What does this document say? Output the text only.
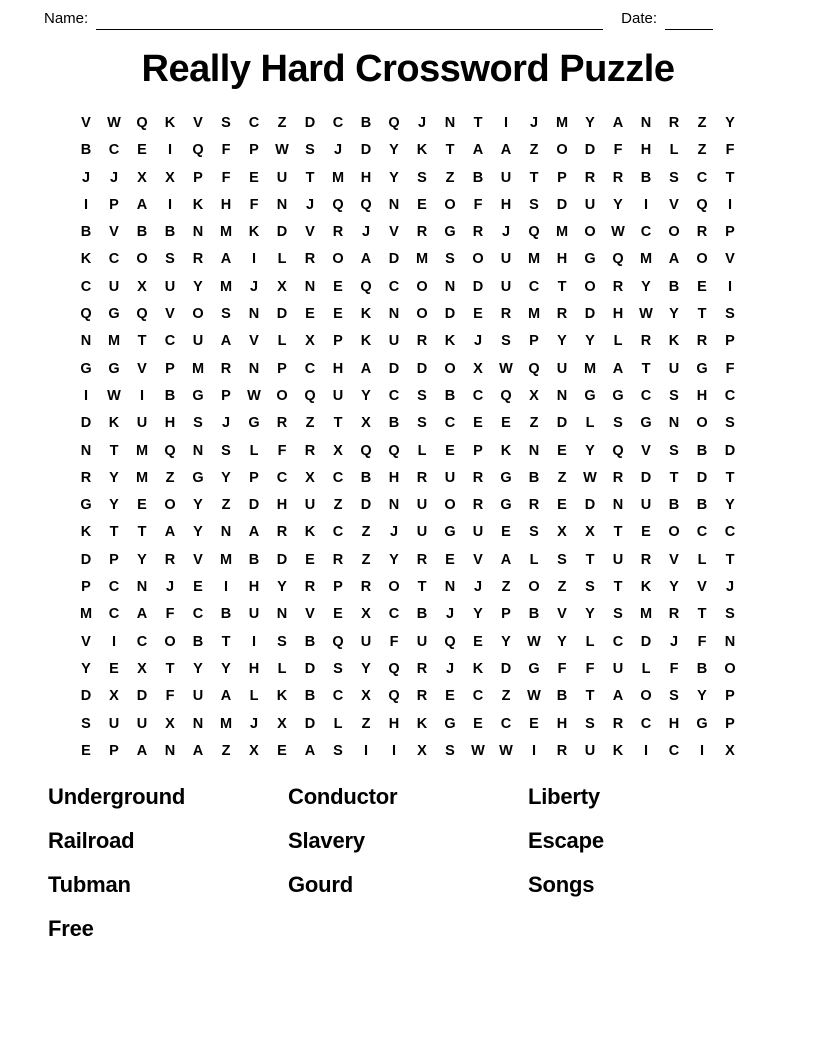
Name:	Date:
Really Hard Crossword Puzzle
V	W	Q	K	V	S	C	Z	D	C	B	Q	J	N	T	I	J	M	Y	A	N	R	Z	Y
B	C	E	I	Q	F	P	W	S	J	D	Y	K	T	A	A	Z	O	D	F	H	L	Z	F
J	J	X	X	P	F	E	U	T	M	H	Y	S	Z	B	U	T	P	R	R	B	S	C	T
I	P	A	I	K	H	F	N	J	Q	Q	N	E	O	F	H	S	D	U	Y	I	V	Q	I
B	V	B	B	N	M	K	D	V	R	J	V	R	G	R	J	Q	M	O	W	C	O	R	P
K	C	O	S	R	A	I	L	R	O	A	D	M	S	O	U	M	H	G	Q	M	A	O	V
C	U	X	U	Y	M	J	X	N	E	Q	C	O	N	D	U	C	T	O	R	Y	B	E	I
Q	G	Q	V	O	S	N	D	E	E	K	N	O	D	E	R	M	R	D	H	W	Y	T	S
N	M	T	C	U	A	V	L	X	P	K	U	R	K	J	S	P	Y	Y	L	R	K	R	P
G	G	V	P	M	R	N	P	C	H	A	D	D	O	X	W	Q	U	M	A	T	U	G	F
I	W	I	B	G	P	W	O	Q	U	Y	C	S	B	C	Q	X	N	G	G	C	S	H	C
D	K	U	H	S	J	G	R	Z	T	X	B	S	C	E	E	Z	D	L	S	G	N	O	S
N	T	M	Q	N	S	L	F	R	X	Q	Q	L	E	P	K	N	E	Y	Q	V	S	B	D
R	Y	M	Z	G	Y	P	C	X	C	B	H	R	U	R	G	B	Z	W	R	D	T	D	T
G	Y	E	O	Y	Z	D	H	U	Z	D	N	U	O	R	G	R	E	D	N	U	B	B	Y
K	T	T	A	Y	N	A	R	K	C	Z	J	U	G	U	E	S	X	X	T	E	O	C	C
D	P	Y	R	V	M	B	D	E	R	Z	Y	R	E	V	A	L	S	T	U	R	V	L	T
P	C	N	J	E	I	H	Y	R	P	R	O	T	N	J	Z	O	Z	S	T	K	Y	V	J
M	C	A	F	C	B	U	N	V	E	X	C	B	J	Y	P	B	V	Y	S	M	R	T	S
V	I	C	O	B	T	I	S	B	Q	U	F	U	Q	E	Y	W	Y	L	C	D	J	F	N
Y	E	X	T	Y	Y	H	L	D	S	Y	Q	R	J	K	D	G	F	F	U	L	F	B	O
D	X	D	F	U	A	L	K	B	C	X	Q	R	E	C	Z	W	B	T	A	O	S	Y	P
S	U	U	X	N	M	J	X	D	L	Z	H	K	G	E	C	E	H	S	R	C	H	G	P
E	P	A	N	A	Z	X	E	A	S	I	I	X	S	W W	I	R	U	K	I	C	I	X
Underground
Railroad
Tubman
Free
Conductor
Slavery
Gourd
Liberty
Escape
Songs
